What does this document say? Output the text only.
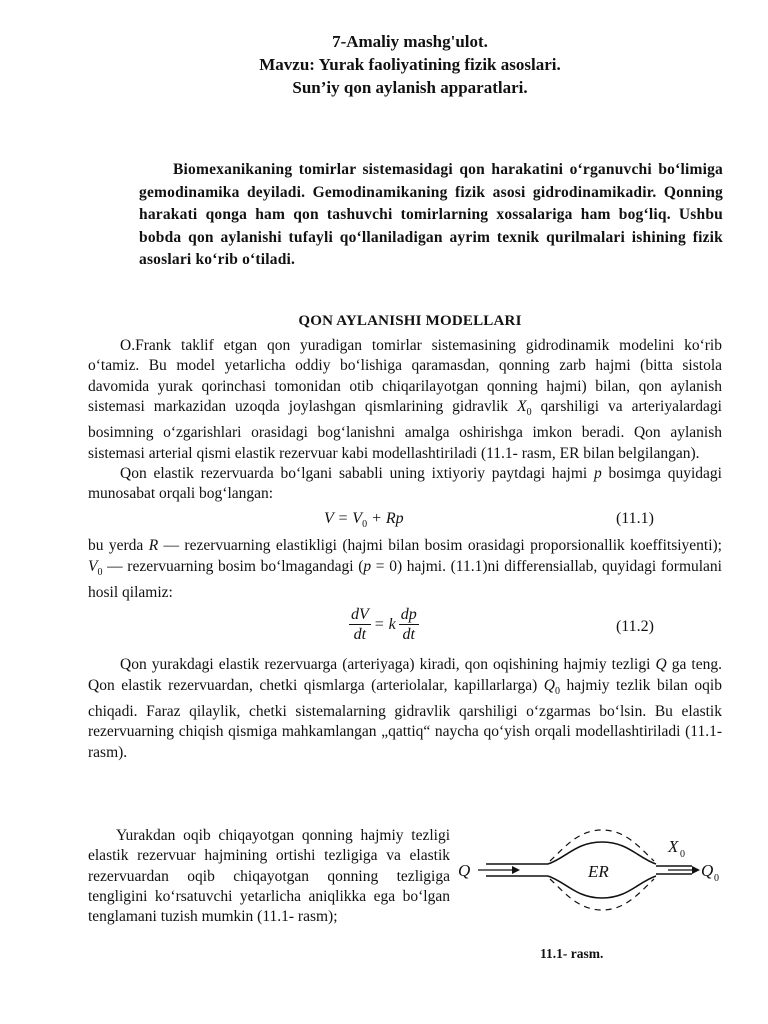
7-Amaliy mashg'ulot.
Mavzu: Yurak faoliyatining fizik asoslari.
Sun’iy qon aylanish apparatlari.

Biomexanikaning tomirlar sistemasidagi qon harakatini o‘rganuvchi bo‘limiga gemodinamika deyiladi. Gemodinamikaning fizik asosi gidrodinamikadir. Qonning harakati qonga ham qon tashuvchi tomirlarning xossalariga ham bog‘liq. Ushbu bobda qon aylanishi tufayli qo‘llaniladigan ayrim texnik qurilmalari ishining fizik asoslari ko‘rib o‘tiladi.

QON AYLANISHI MODELLARI

O.Frank taklif etgan qon yuradigan tomirlar sistemasining gidrodinamik modelini ko‘rib o‘tamiz. Bu model yetarlicha oddiy bo‘lishiga qaramasdan, qonning zarb hajmi (bitta sistola davomida yurak qorinchasi tomonidan otib chiqarilayotgan qonning hajmi) bilan, qon aylanish sistemasi markazidan uzoqda joylashgan qismlarining gidravlik $X_0$ qarshiligi va arteriyalardagi bosimning o‘zgarishlari orasidagi bog‘lanishni amalga oshirishga imkon beradi. Qon aylanish sistemasi arterial qismi elastik rezervuar kabi modellashtiriladi (11.1- rasm, ER bilan belgilangan).

Qon elastik rezervuarda bo‘lgani sababli uning ixtiyoriy paytdagi hajmi p bosimga quyidagi munosabat orqali bog‘langan:

$V = V_0 + Rp$	(11.1)

bu yerda R — rezervuarning elastikligi (hajmi bilan bosim orasidagi proporsionallik koeffitsiyenti); $V_0$ — rezervuarning bosim bo‘lmagandagi (p = 0) hajmi. (11.1)ni differensiallab, quyidagi formulani hosil qilamiz:

$\frac{dV}{dt} = k \frac{dp}{dt}$	(11.2)

Qon yurakdagi elastik rezervuarga (arteriyaga) kiradi, qon oqishining hajmiy tezligi Q ga teng. Qon elastik rezervuardan, chetki qismlarga (arteriolalar, kapillarlarga) $Q_0$ hajmiy tezlik bilan oqib chiqadi. Faraz qilaylik, chetki sistemalarning gidravlik qarshiligi o‘zgarmas bo‘lsin. Bu elastik rezervuarning chiqish qismiga mahkamlangan „qattiq“ naycha qo‘yish orqali modellashtiriladi (11.1- rasm).

Yurakdan oqib chiqayotgan qonning hajmiy tezligi elastik rezervuar hajmining ortishi tezligiga va elastik rezervuardan oqib chiqayotgan qonning tezligiga tengligini ko‘rsatuvchi yetarlicha aniqlikka ega bo‘lgan tenglamani tuzish mumkin (11.1- rasm);

Q	ER
X 0
Q 0
11.1- rasm.
